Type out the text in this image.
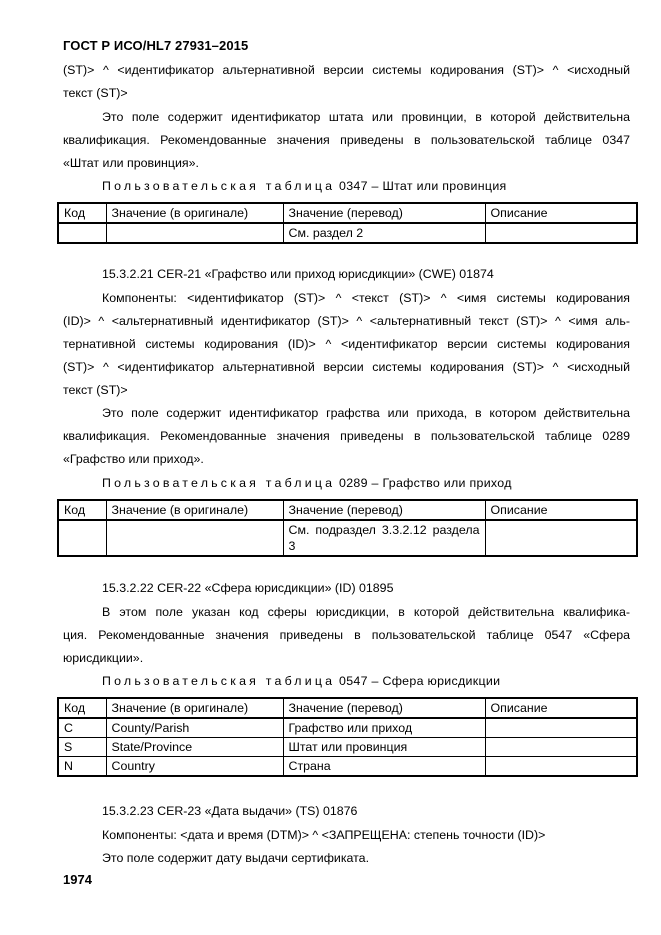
ГОСТ Р ИСО/HL7 27931–2015
(ST)> ^ <идентификатор альтернативной версии системы кодирования (ST)> ^ <исходный
текст (ST)>
Это поле содержит идентификатор штата или провинции, в которой действительна
квалификация. Рекомендованные значения приведены в пользовательской таблице 0347
«Штат или провинция».
Пользовательская таблица 0347 – Штат или провинция
Код	Значение (в оригинале)	Значение (перевод)	Описание
		См. раздел 2	
15.3.2.21 CER-21 «Графство или приход юрисдикции» (CWE) 01874
Компоненты: <идентификатор (ST)> ^ <текст (ST)> ^ <имя системы кодирования
(ID)> ^ <альтернативный идентификатор (ST)> ^ <альтернативный текст (ST)> ^ <имя аль-
тернативной системы кодирования (ID)> ^ <идентификатор версии системы кодирования
(ST)> ^ <идентификатор альтернативной версии системы кодирования (ST)> ^ <исходный
текст (ST)>
Это поле содержит идентификатор графства или прихода, в котором действительна
квалификация. Рекомендованные значения приведены в пользовательской таблице 0289
«Графство или приход».
Пользовательская таблица 0289 – Графство или приход
Код	Значение (в оригинале)	Значение (перевод)	Описание
		См. подраздел 3.3.2.12 раздела 3	
15.3.2.22 CER-22 «Сфера юрисдикции» (ID) 01895
В этом поле указан код сферы юрисдикции, в которой действительна квалифика-
ция. Рекомендованные значения приведены в пользовательской таблице 0547 «Сфера
юрисдикции».
Пользовательская таблица 0547 – Сфера юрисдикции
Код	Значение (в оригинале)	Значение (перевод)	Описание
C	County/Parish	Графство или приход	
S	State/Province	Штат или провинция	
N	Country	Страна	
15.3.2.23 CER-23 «Дата выдачи» (TS) 01876
Компоненты: <дата и время (DTM)> ^ <ЗАПРЕЩЕНА: степень точности (ID)>
Это поле содержит дату выдачи сертификата.
1974
